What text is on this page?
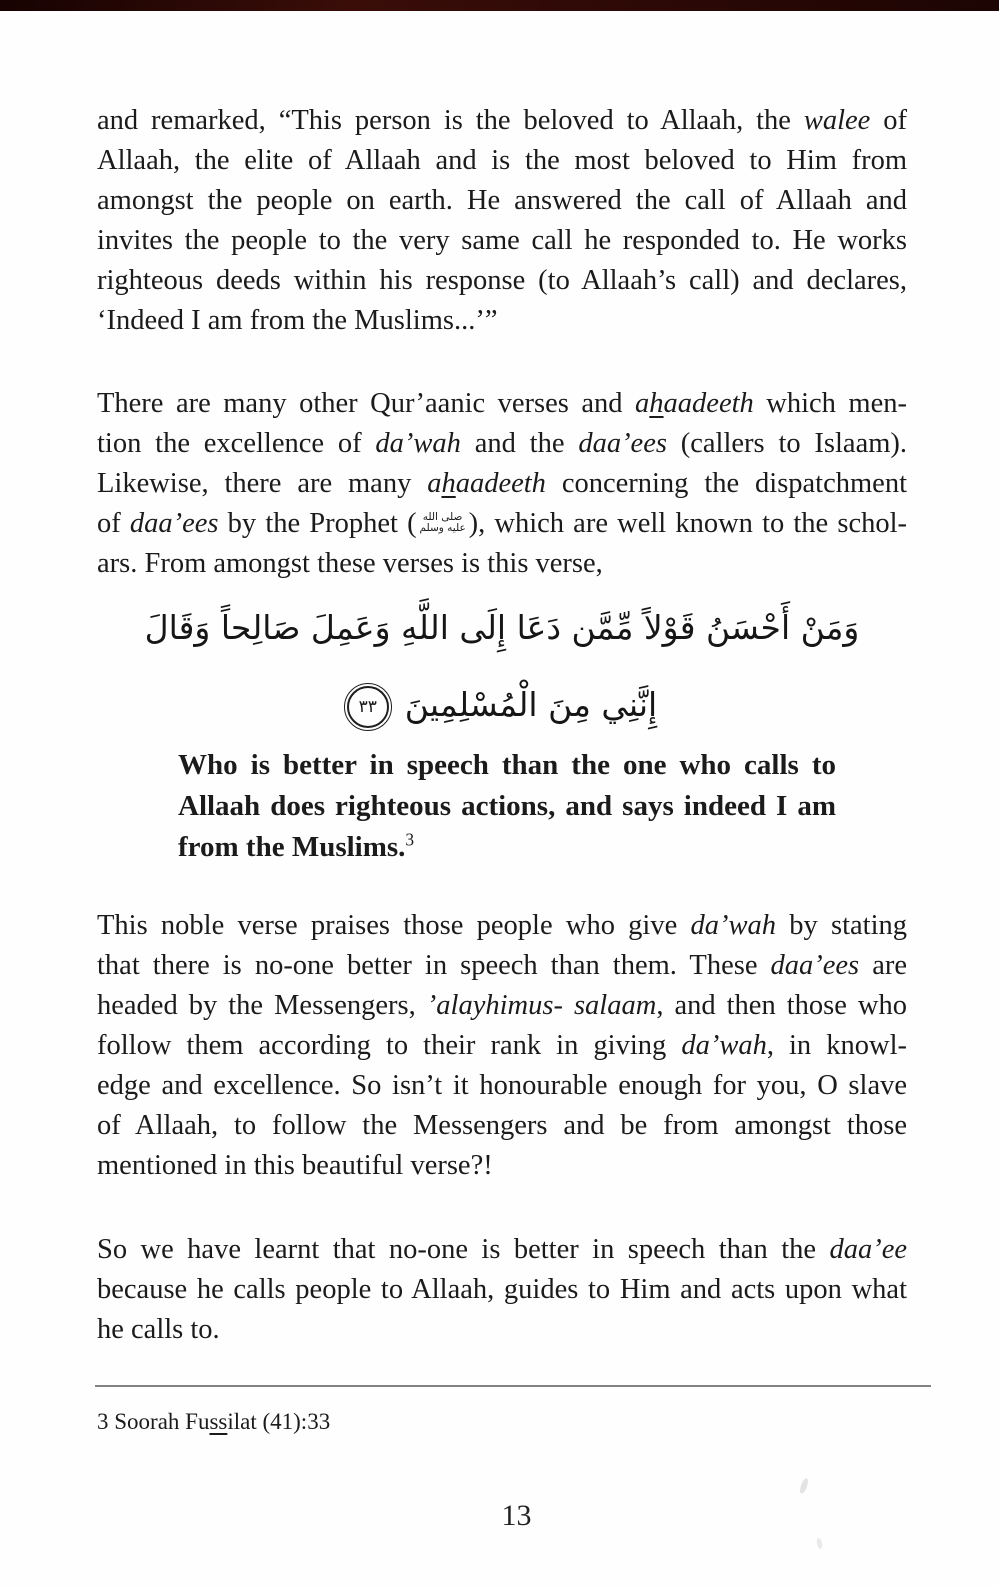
and remarked, “This person is the beloved to Allaah, the walee of
Allaah, the elite of Allaah and is the most beloved to Him from
amongst the people on earth. He answered the call of Allaah and
invites the people to the very same call he responded to. He works
righteous deeds within his response (to Allaah’s call) and declares,
‘Indeed I am from the Muslims...’”
There are many other Qur’aanic verses and ahaadeeth which men-
tion the excellence of da’wah and the daa’ees (callers to Islaam).
Likewise, there are many ahaadeeth concerning the dispatchment
of daa’ees by the Prophet ( صلى الله
عليه وسلم ), which are well known to the schol-
ars. From amongst these verses is this verse,
وَمَنْ أَحْسَنُ قَوْلاً مِّمَّن دَعَا إِلَى اللَّهِ وَعَمِلَ صَالِحاً وَقَالَ
إِنَّنِي مِنَ الْمُسْلِمِينَ٣٣
Who is better in speech than the one who calls to
Allaah does righteous actions, and says indeed I am
from the Muslims.$^3$
This noble verse praises those people who give da’wah by stating
that there is no-one better in speech than them. These daa’ees are
headed by the Messengers, ’alayhimus- salaam, and then those who
follow them according to their rank in giving da’wah, in knowl-
edge and excellence. So isn’t it honourable enough for you, O slave
of Allaah, to follow the Messengers and be from amongst those
mentioned in this beautiful verse?!
So we have learnt that no-one is better in speech than the daa’ee
because he calls people to Allaah, guides to Him and acts upon what
he calls to.
3 Soorah Fussilat (41):33
13
